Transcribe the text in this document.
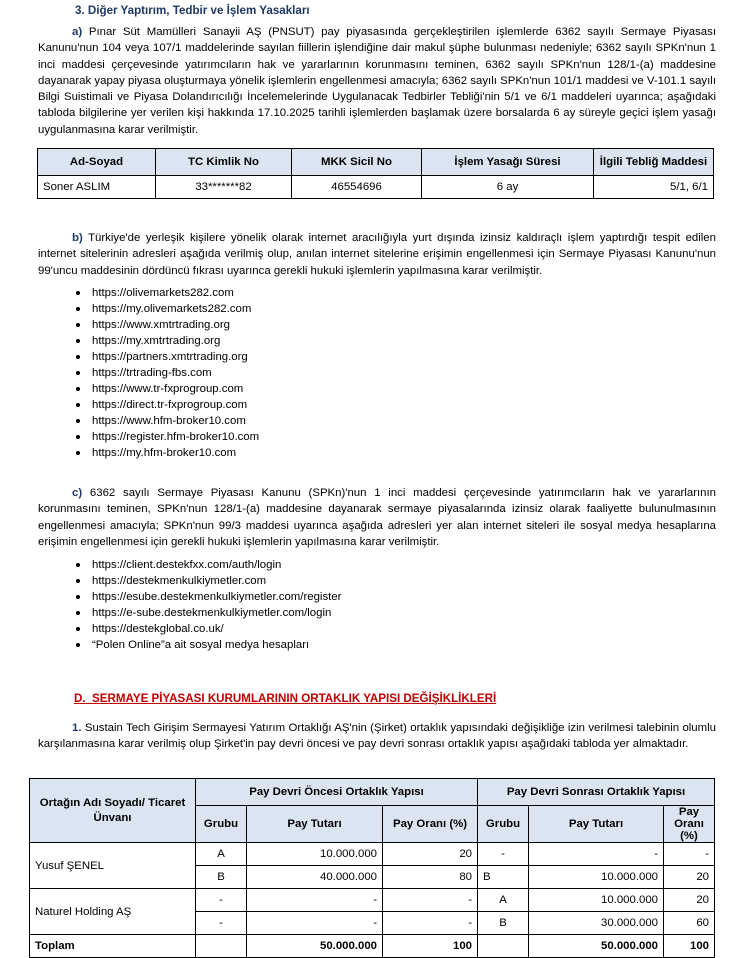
3. Diğer Yaptırım, Tedbir ve İşlem Yasakları
a) Pınar Süt Mamülleri Sanayii AŞ (PNSUT) pay piyasasında gerçekleştirilen işlemlerde 6362 sayılı Sermaye Piyasası Kanunu'nun 104 veya 107/1 maddelerinde sayılan fiillerin işlendiğine dair makul şüphe bulunması nedeniyle; 6362 sayılı SPKn'nun 1 inci maddesi çerçevesinde yatırımcıların hak ve yararlarının korunmasını teminen, 6362 sayılı SPKn'nun 128/1-(a) maddesine dayanarak yapay piyasa oluşturmaya yönelik işlemlerin engellenmesi amacıyla; 6362 sayılı SPKn'nun 101/1 maddesi ve V-101.1 sayılı Bilgi Suistimali ve Piyasa Dolandırıcılığı İncelemelerinde Uygulanacak Tedbirler Tebliği'nin 5/1 ve 6/1 maddeleri uyarınca; aşağıdaki tabloda bilgilerine yer verilen kişi hakkında 17.10.2025 tarihli işlemlerden başlamak üzere borsalarda 6 ay süreyle geçici işlem yasağı uygulanmasına karar verilmiştir.
Ad-Soyad	TC Kimlik No	MKK Sicil No	İşlem Yasağı Süresi	İlgili Tebliğ Maddesi
Soner ASLIM	33*******82	46554696	6 ay	5/1, 6/1
b) Türkiye'de yerleşik kişilere yönelik olarak internet aracılığıyla yurt dışında izinsiz kaldıraçlı işlem yaptırdığı tespit edilen internet sitelerinin adresleri aşağıda verilmiş olup, anılan internet sitelerine erişimin engellenmesi için Sermaye Piyasası Kanunu'nun 99'uncu maddesinin dördüncü fıkrası uyarınca gerekli hukuki işlemlerin yapılmasına karar verilmiştir.
https://olivemarkets282.com
https://my.olivemarkets282.com
https://www.xmtrtrading.org
https://my.xmtrtrading.org
https://partners.xmtrtrading.org
https://trtrading-fbs.com
https://www.tr-fxprogroup.com
https://direct.tr-fxprogroup.com
https://www.hfm-broker10.com
https://register.hfm-broker10.com
https://my.hfm-broker10.com
c) 6362 sayılı Sermaye Piyasası Kanunu (SPKn)'nun 1 inci maddesi çerçevesinde yatırımcıların hak ve yararlarının korunmasını teminen, SPKn'nun 128/1-(a) maddesine dayanarak sermaye piyasalarında izinsiz olarak faaliyette bulunulmasının engellenmesi amacıyla; SPKn'nun 99/3 maddesi uyarınca aşağıda adresleri yer alan internet siteleri ile sosyal medya hesaplarına erişimin engellenmesi için gerekli hukuki işlemlerin yapılmasına karar verilmiştir.
https://client.destekfxx.com/auth/login
https://destekmenkulkiymetler.com
https://esube.destekmenkulkiymetler.com/register
https://e-sube.destekmenkulkiymetler.com/login
https://destekglobal.co.uk/
“Polen Online”a ait sosyal medya hesapları
D. SERMAYE PİYASASI KURUMLARININ ORTAKLIK YAPISI DEĞİŞİKLİKLERİ
1. Sustain Tech Girişim Sermayesi Yatırım Ortaklığı AŞ'nin (Şirket) ortaklık yapısındaki değişikliğe izin verilmesi talebinin olumlu karşılanmasına karar verilmiş olup Şirket'in pay devri öncesi ve pay devri sonrası ortaklık yapısı aşağıdaki tabloda yer almaktadır.
Ortağın Adı Soyadı/ Ticaret Ünvanı	Pay Devri Öncesi Ortaklık Yapısı			Pay Devri Sonrası Ortaklık Yapısı		
	Grubu	Pay Tutarı	Pay Oranı (%)	Grubu	Pay Tutarı	Pay Oranı (%)
Yusuf ŞENEL	A	10.000.000	20	-	-	-
	B	40.000.000	80	B	10.000.000	20
Naturel Holding AŞ	-	-	-	A	10.000.000	20
	-	-	-	B	30.000.000	60
Toplam		50.000.000	100		50.000.000	100
